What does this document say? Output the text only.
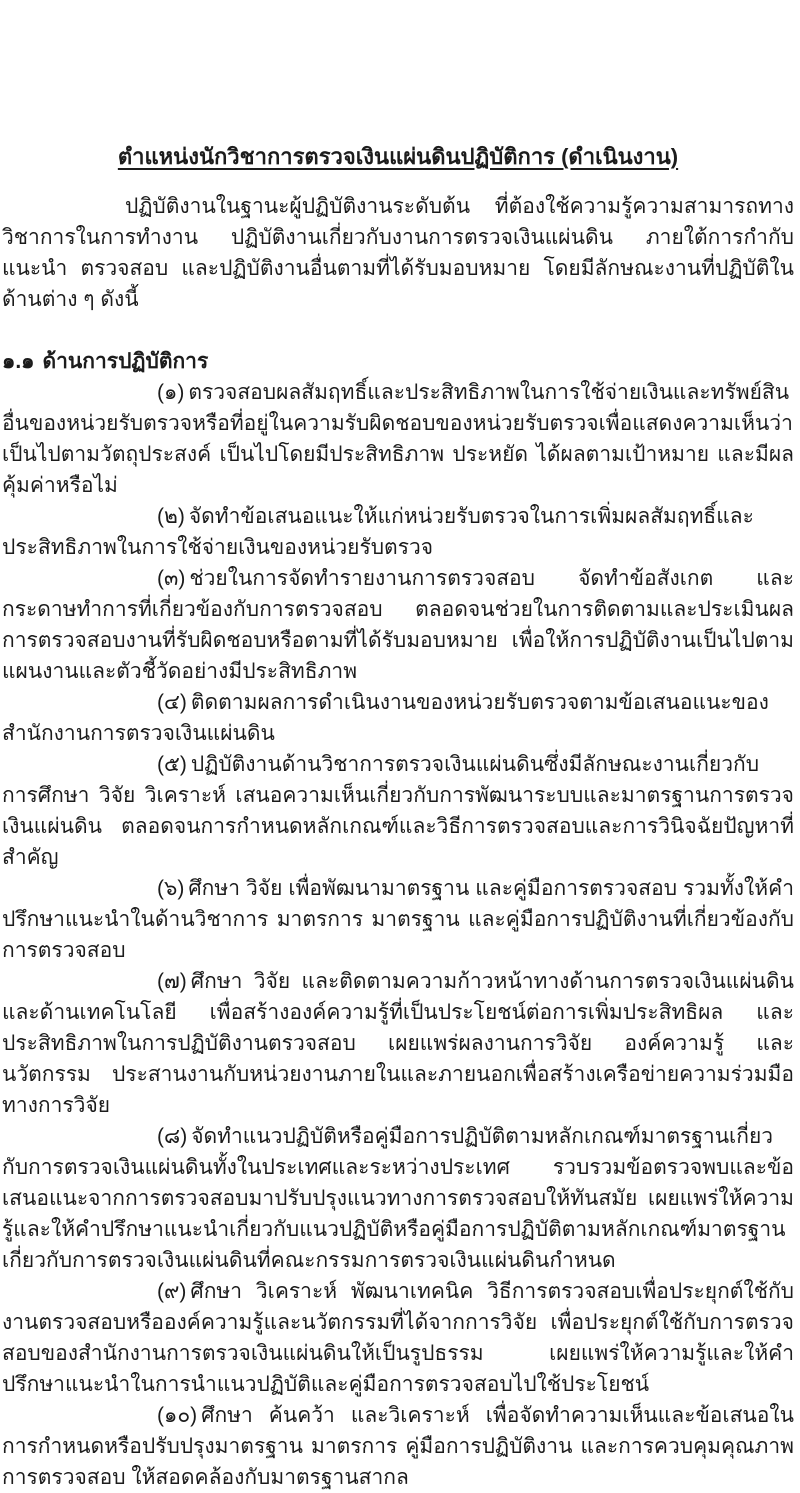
ตำแหน่งนักวิชาการตรวจเงินแผ่นดินปฏิบัติการ (ดำเนินงาน)

ปฏิบัติงานในฐานะผู้ปฏิบัติงานระดับต้น ที่ต้องใช้ความรู้ความสามารถทางวิชาการในการทำงาน ปฏิบัติงานเกี่ยวกับงานการตรวจเงินแผ่นดิน ภายใต้การกำกับ แนะนำ ตรวจสอบ และปฏิบัติงานอื่นตามที่ได้รับมอบหมาย โดยมีลักษณะงานที่ปฏิบัติในด้านต่าง ๆ ดังนี้

๑.๑ ด้านการปฏิบัติการ

(๑) ตรวจสอบผลสัมฤทธิ์และประสิทธิภาพในการใช้จ่ายเงินและทรัพย์สินอื่นของหน่วยรับตรวจหรือที่อยู่ในความรับผิดชอบของหน่วยรับตรวจเพื่อแสดงความเห็นว่า เป็นไปตามวัตถุประสงค์ เป็นไปโดยมีประสิทธิภาพ ประหยัด ได้ผลตามเป้าหมาย และมีผลคุ้มค่าหรือไม่

(๒) จัดทำข้อเสนอแนะให้แก่หน่วยรับตรวจในการเพิ่มผลสัมฤทธิ์และประสิทธิภาพในการใช้จ่ายเงินของหน่วยรับตรวจ

(๓) ช่วยในการจัดทำรายงานการตรวจสอบ จัดทำข้อสังเกต และกระดาษทำการที่เกี่ยวข้องกับการตรวจสอบ ตลอดจนช่วยในการติดตามและประเมินผลการตรวจสอบงานที่รับผิดชอบหรือตามที่ได้รับมอบหมาย เพื่อให้การปฏิบัติงานเป็นไปตามแผนงานและตัวชี้วัดอย่างมีประสิทธิภาพ

(๔) ติดตามผลการดำเนินงานของหน่วยรับตรวจตามข้อเสนอแนะของสำนักงานการตรวจเงินแผ่นดิน

(๕) ปฏิบัติงานด้านวิชาการตรวจเงินแผ่นดินซึ่งมีลักษณะงานเกี่ยวกับการศึกษา วิจัย วิเคราะห์ เสนอความเห็นเกี่ยวกับการพัฒนาระบบและมาตรฐานการตรวจเงินแผ่นดิน ตลอดจนการกำหนดหลักเกณฑ์และวิธีการตรวจสอบและการวินิจฉัยปัญหาที่สำคัญ

(๖) ศึกษา วิจัย เพื่อพัฒนามาตรฐาน และคู่มือการตรวจสอบ รวมทั้งให้คำปรึกษาแนะนำในด้านวิชาการ มาตรการ มาตรฐาน และคู่มือการปฏิบัติงานที่เกี่ยวข้องกับการตรวจสอบ

(๗) ศึกษา วิจัย และติดตามความก้าวหน้าทางด้านการตรวจเงินแผ่นดินและด้านเทคโนโลยี เพื่อสร้างองค์ความรู้ที่เป็นประโยชน์ต่อการเพิ่มประสิทธิผล และประสิทธิภาพในการปฏิบัติงานตรวจสอบ เผยแพร่ผลงานการวิจัย องค์ความรู้ และนวัตกรรม ประสานงานกับหน่วยงานภายในและภายนอกเพื่อสร้างเครือข่ายความร่วมมือทางการวิจัย

(๘) จัดทำแนวปฏิบัติหรือคู่มือการปฏิบัติตามหลักเกณฑ์มาตรฐานเกี่ยวกับการตรวจเงินแผ่นดินทั้งในประเทศและระหว่างประเทศ รวบรวมข้อตรวจพบและข้อเสนอแนะจากการตรวจสอบมาปรับปรุงแนวทางการตรวจสอบให้ทันสมัย เผยแพร่ให้ความรู้และให้คำปรึกษาแนะนำเกี่ยวกับแนวปฏิบัติหรือคู่มือการปฏิบัติตามหลักเกณฑ์มาตรฐานเกี่ยวกับการตรวจเงินแผ่นดินที่คณะกรรมการตรวจเงินแผ่นดินกำหนด

(๙) ศึกษา วิเคราะห์ พัฒนาเทคนิค วิธีการตรวจสอบเพื่อประยุกต์ใช้กับงานตรวจสอบหรือองค์ความรู้และนวัตกรรมที่ได้จากการวิจัย เพื่อประยุกต์ใช้กับการตรวจสอบของสำนักงานการตรวจเงินแผ่นดินให้เป็นรูปธรรม เผยแพร่ให้ความรู้และให้คำปรึกษาแนะนำในการนำแนวปฏิบัติและคู่มือการตรวจสอบไปใช้ประโยชน์

(๑๐) ศึกษา ค้นคว้า และวิเคราะห์ เพื่อจัดทำความเห็นและข้อเสนอในการกำหนดหรือปรับปรุงมาตรฐาน มาตรการ คู่มือการปฏิบัติงาน และการควบคุมคุณภาพการตรวจสอบ ให้สอดคล้องกับมาตรฐานสากล
